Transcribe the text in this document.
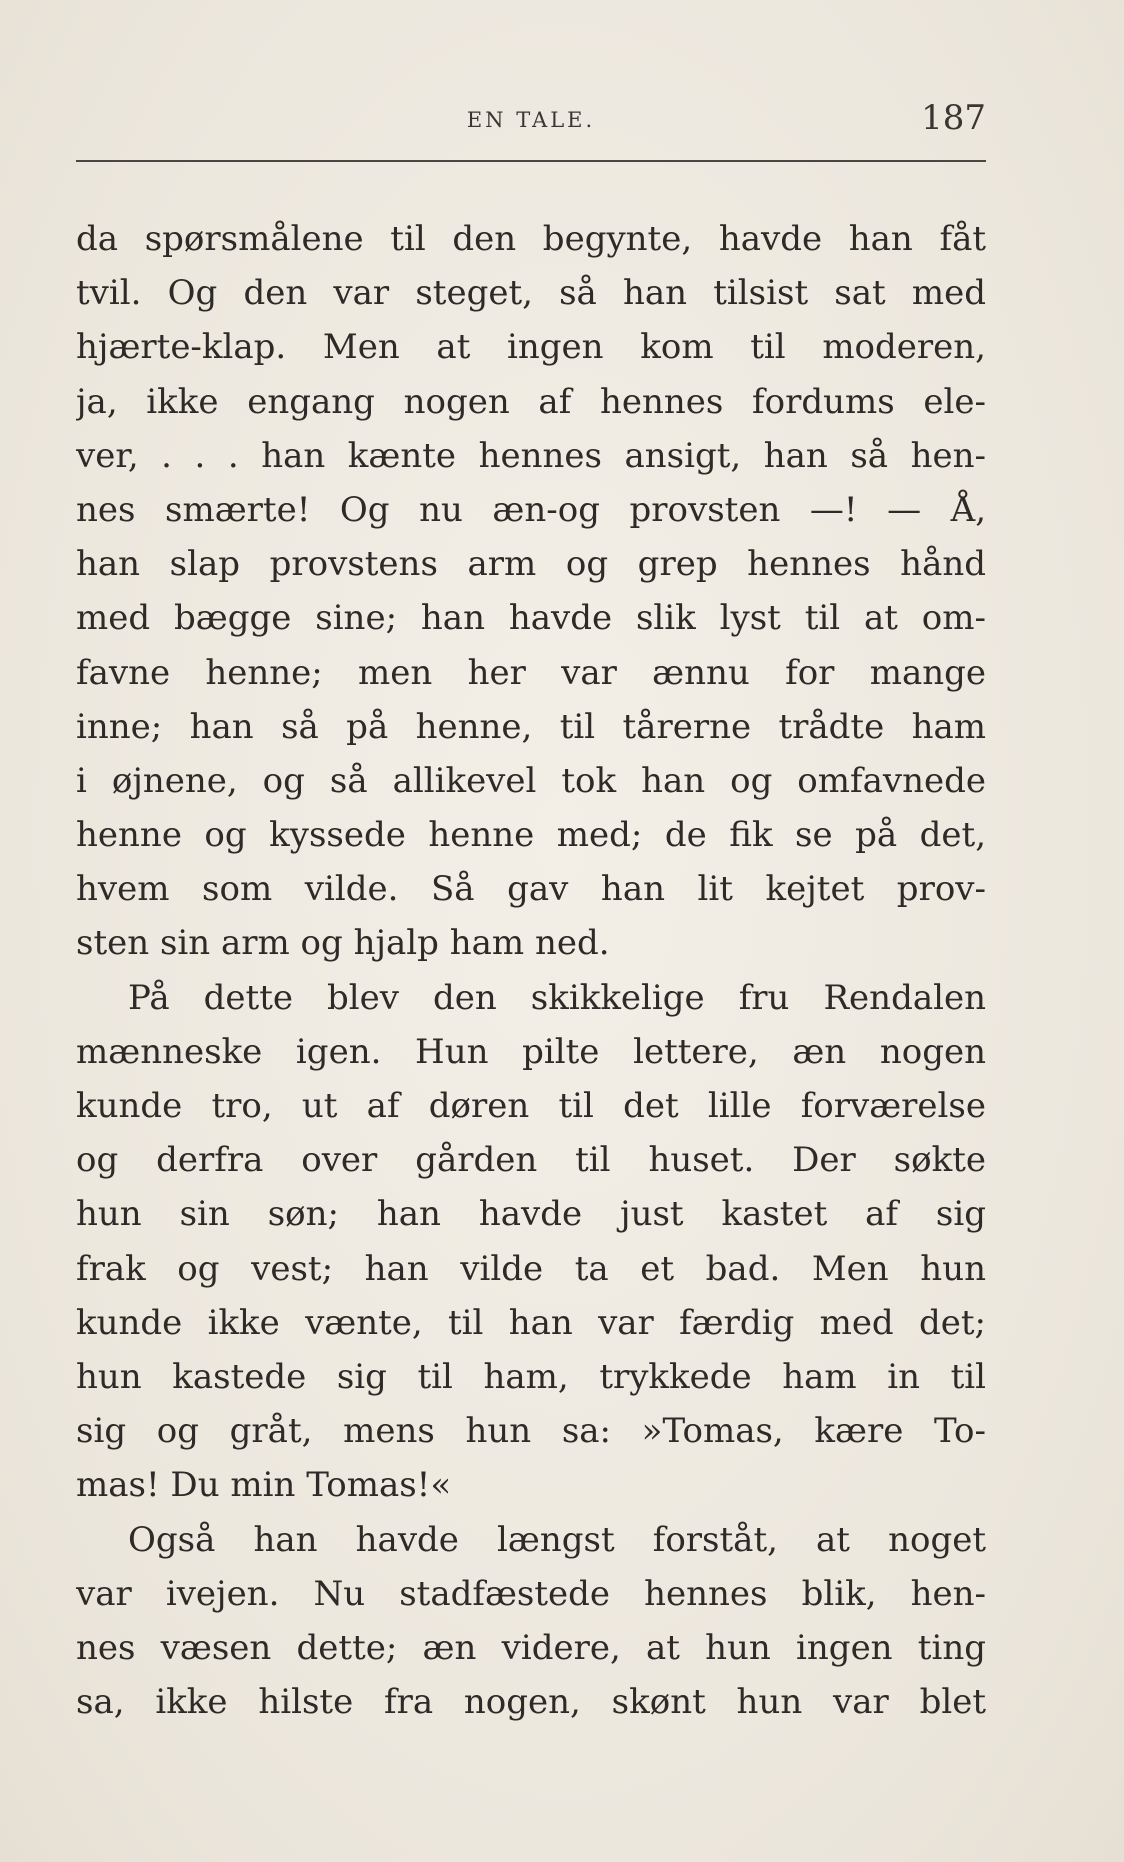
EN TALE.	187
da spørsmålene til den begynte, havde han fåt
tvil. Og den var steget, så han tilsist sat med
hjærte-klap. Men at ingen kom til moderen,
ja, ikke engang nogen af hennes fordums ele-
ver, . . . han kænte hennes ansigt, han så hen-
nes smærte! Og nu æn-og provsten —! — Å,
han slap provstens arm og grep hennes hånd
med bægge sine; han havde slik lyst til at om-
favne henne; men her var ænnu for mange
inne; han så på henne, til tårerne trådte ham
i øjnene, og så allikevel tok han og omfavnede
henne og kyssede henne med; de fik se på det,
hvem som vilde. Så gav han lit kejtet prov-
sten sin arm og hjalp ham ned.
På dette blev den skikkelige fru Rendalen
mænneske igen. Hun pilte lettere, æn nogen
kunde tro, ut af døren til det lille forværelse
og derfra over gården til huset. Der søkte
hun sin søn; han havde just kastet af sig
frak og vest; han vilde ta et bad. Men hun
kunde ikke vænte, til han var færdig med det;
hun kastede sig til ham, trykkede ham in til
sig og gråt, mens hun sa: »Tomas, kære To-
mas! Du min Tomas!«
Også han havde længst forståt, at noget
var ivejen. Nu stadfæstede hennes blik, hen-
nes væsen dette; æn videre, at hun ingen ting
sa, ikke hilste fra nogen, skønt hun var blet
